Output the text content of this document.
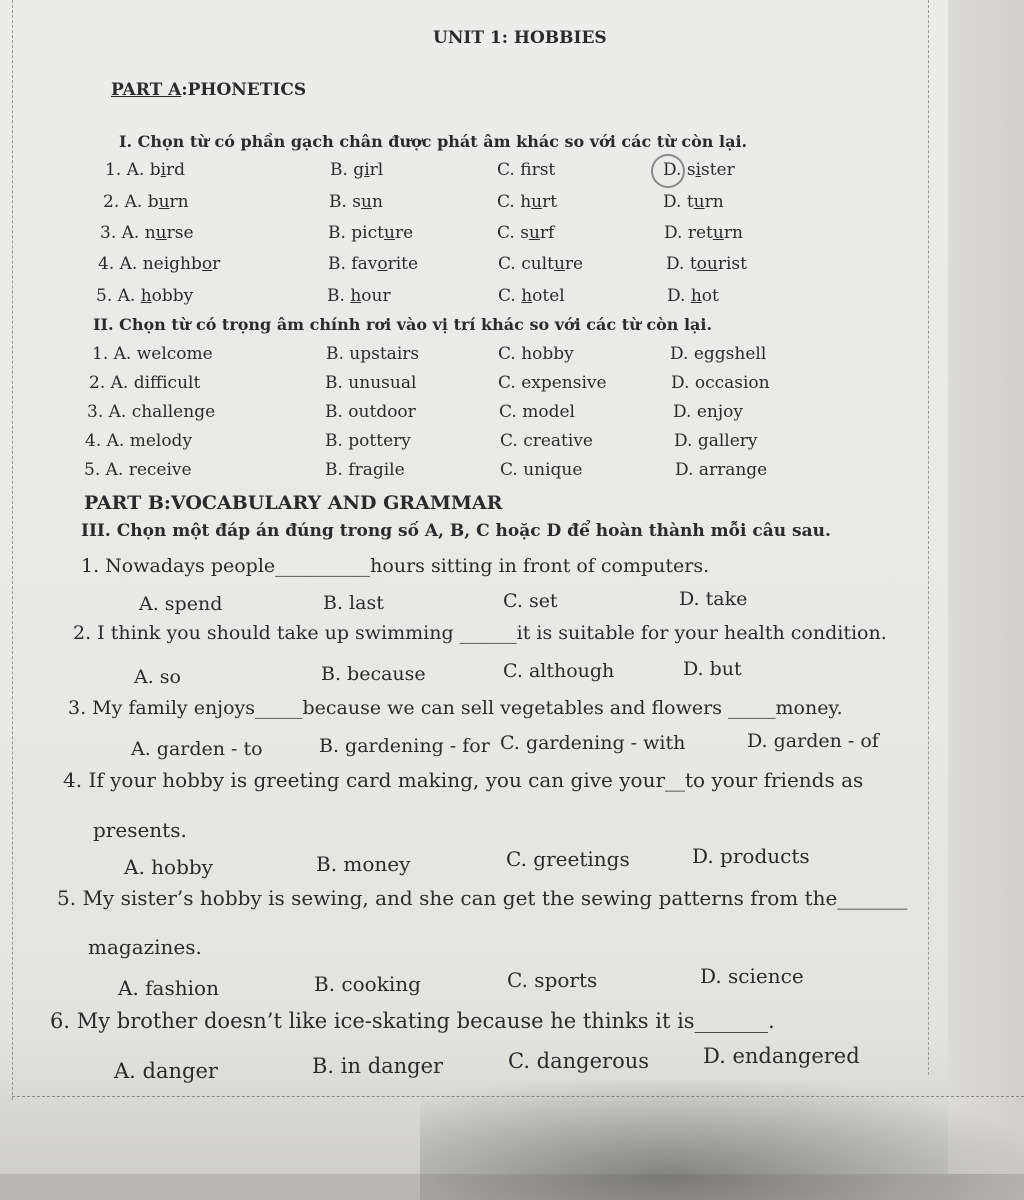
UNIT 1: HOBBIES
PART A:PHONETICS
I. Chọn từ có phần gạch chân được phát âm khác so với các từ còn lại.
1. A. bird	B. girl	C. frst	D. sister
2. A. burn	B. sun	C. hurt	D. turn
3. A. nurse	B. picture	C. surf	D. return
4. A. neighbor	B. favorite	C. culture	D. tourist
5. A. hobby	B. hour	C. hotel	D. hot
II. Chọn từ có trọng âm chính rơi vào vị trí khác so với các từ còn lại.
1. A. welcome	B. upstairs	C. hobby	D. eggshell
2. A. difficult	B. unusual	C. expensive	D. occasion
3. A. challenge	B. outdoor	C. model	D. enjoy
4. A. melody	B. pottery	C. creative	D. gallery
5. A. receive	B. fragile	C. unique	D. arrange
PART B:VOCABULARY AND GRAMMAR
III. Chọn một đáp án đúng trong số A, B, C hoặc D để hoàn thành mỗi câu sau.
1. Nowadays people__________hours sitting in front of computers.
A. spend	B. last	C. set	D. take
2. I think you should take up swimming ______it is suitable for your health condition.
A. so	B. because	C. although	D. but
3. My family enjoys_____because we can sell vegetables and flowers _____money.
A. garden - to	B. gardening - for C. gardening - with	D. garden - of
4. If your hobby is greeting card making, you can give your__to your friends as
presents.
A. hobby	B. money	C. greetings	D. products
5. My sister’s hobby is sewing, and she can get the sewing patterns from the_______
magazines.
A. fashion	B. cooking	C. sports	D. science
6. My brother doesn’t like ice-skating because he thinks it is_______.
A. danger	B. in danger	C. dangerous	D. endangered
